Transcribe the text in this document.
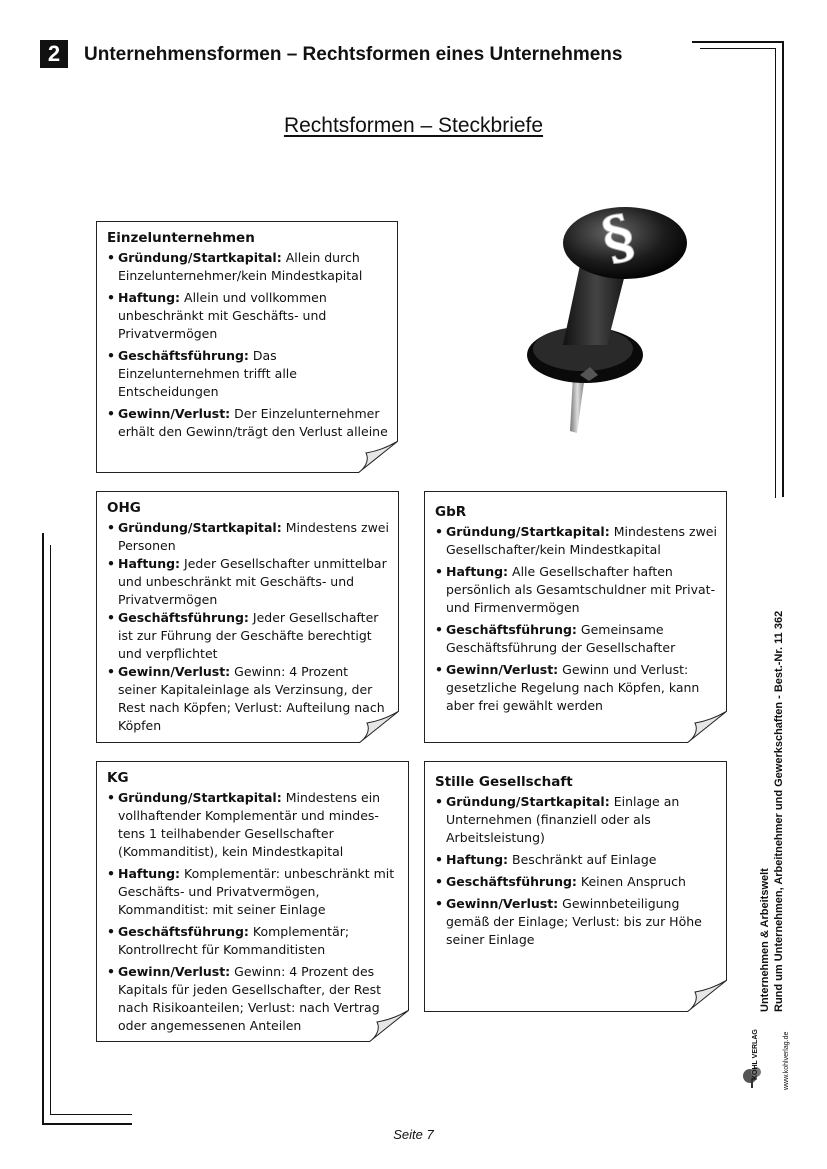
2	Unternehmensformen – Rechtsformen eines Unternehmens
Rechtsformen – Steckbriefe
§
Einzelunternehmen
• Gründung/Startkapital: Allein durch Einzelunternehmer/kein Mindestkapital
• Haftung: Allein und vollkommen unbeschränkt mit Geschäfts- und Privatvermögen
• Geschäftsführung: Das Einzelunternehmen trifft alle Entscheidungen
• Gewinn/Verlust: Der Einzelunternehmer erhält den Gewinn/trägt den Verlust alleine
OHG
• Gründung/Startkapital: Mindestens zwei Personen
• Haftung: Jeder Gesellschafter unmittelbar und unbeschränkt mit Geschäfts- und Privatvermögen
• Geschäftsführung: Jeder Gesellschafter ist zur Führung der Geschäfte berechtigt und verpflichtet
• Gewinn/Verlust: Gewinn: 4 Prozent seiner Kapitaleinlage als Verzinsung, der Rest nach Köpfen; Verlust: Aufteilung nach Köpfen
GbR
• Gründung/Startkapital: Mindestens zwei Gesellschafter/kein Mindestkapital
• Haftung: Alle Gesellschafter haften persönlich als Gesamtschuldner mit Privat- und Firmenvermögen
• Geschäftsführung: Gemeinsame Geschäftsführung der Gesellschafter
• Gewinn/Verlust: Gewinn und Verlust: gesetzliche Regelung nach Köpfen, kann aber frei gewählt werden
KG
• Gründung/Startkapital: Mindestens ein vollhaftender Komplementär und mindes-tens 1 teilhabender Gesellschafter (Kommanditist), kein Mindestkapital
• Haftung: Komplementär: unbeschränkt mit Geschäfts- und Privatvermögen, Kommanditist: mit seiner Einlage
• Geschäftsführung: Komplementär; Kontrollrecht für Kommanditisten
• Gewinn/Verlust: Gewinn: 4 Prozent des Kapitals für jeden Gesellschafter, der Rest nach Risikoanteilen; Verlust: nach Vertrag oder angemessenen Anteilen
Stille Gesellschaft
• Gründung/Startkapital: Einlage an Unternehmen (finanziell oder als Arbeitsleistung)
• Haftung: Beschränkt auf Einlage
• Geschäftsführung: Keinen Anspruch
• Gewinn/Verlust: Gewinnbeteiligung gemäß der Einlage; Verlust: bis zur Höhe seiner Einlage	Unternehmen & Arbeitswelt Rund um Unternehmen, Arbeitnehmer und Gewerkschaften - Best.-Nr. 11 362
KOHL VERLAG	www.kohlverlag.de
Seite 7
